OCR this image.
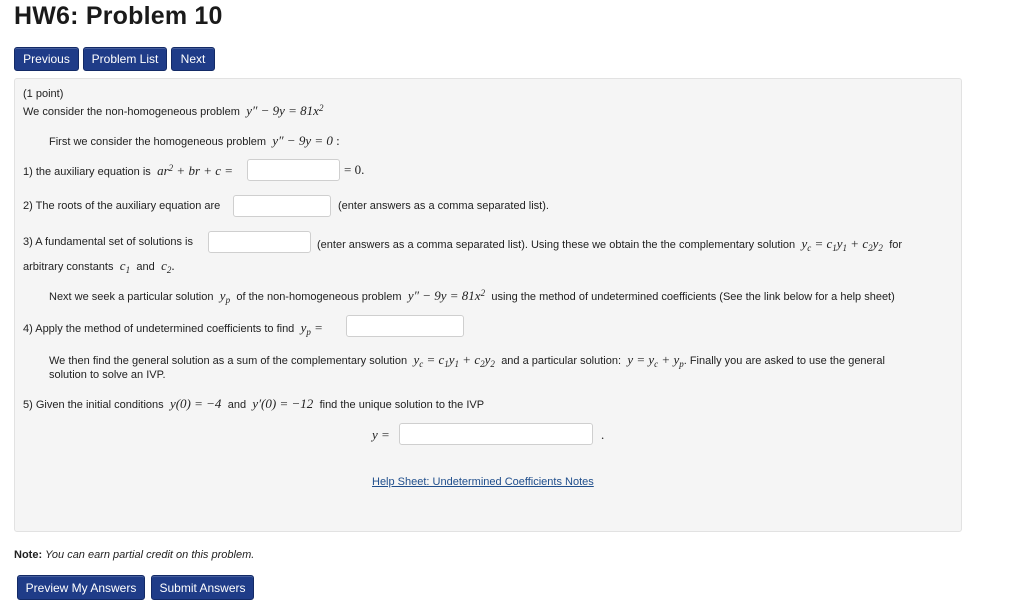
HW6: Problem 10
Previous	Problem List	Next
(1 point)
We consider the non-homogeneous problem  $y'' - 9y = 81x^2$
First we consider the homogeneous problem  y″ − 9y = 0 :
1) the auxiliary equation is  $ar^2$ + br + c =	= 0.
2) The roots of the auxiliary equation are	(enter answers as a comma separated list).
3) A fundamental set of solutions is	(enter answers as a comma separated list). Using these we obtain the the complementary solution  $y_c = c_1y_1 + c_2y_2$ for
arbitrary constants  $c_1$ and  $c_2$.
Next we seek a particular solution  $y_p$ of the non-homogeneous problem  $y'' - 9y = 81x^2$ using the method of undetermined coefficients (See the link below for a help sheet)
4) Apply the method of undetermined coefficients to find  $y_p$ =
We then find the general solution as a sum of the complementary solution  $y_c = c_1y_1 + c_2y_2$ and a particular solution:  $y = y_c + y_p$. Finally you are asked to use the general
solution to solve an IVP.
5) Given the initial conditions  y(0) = −4  and  y′(0) = −12  find the unique solution to the IVP
y =	.
Help Sheet: Undetermined Coefficients Notes
Note: You can earn partial credit on this problem.
Preview My Answers	Submit Answers
